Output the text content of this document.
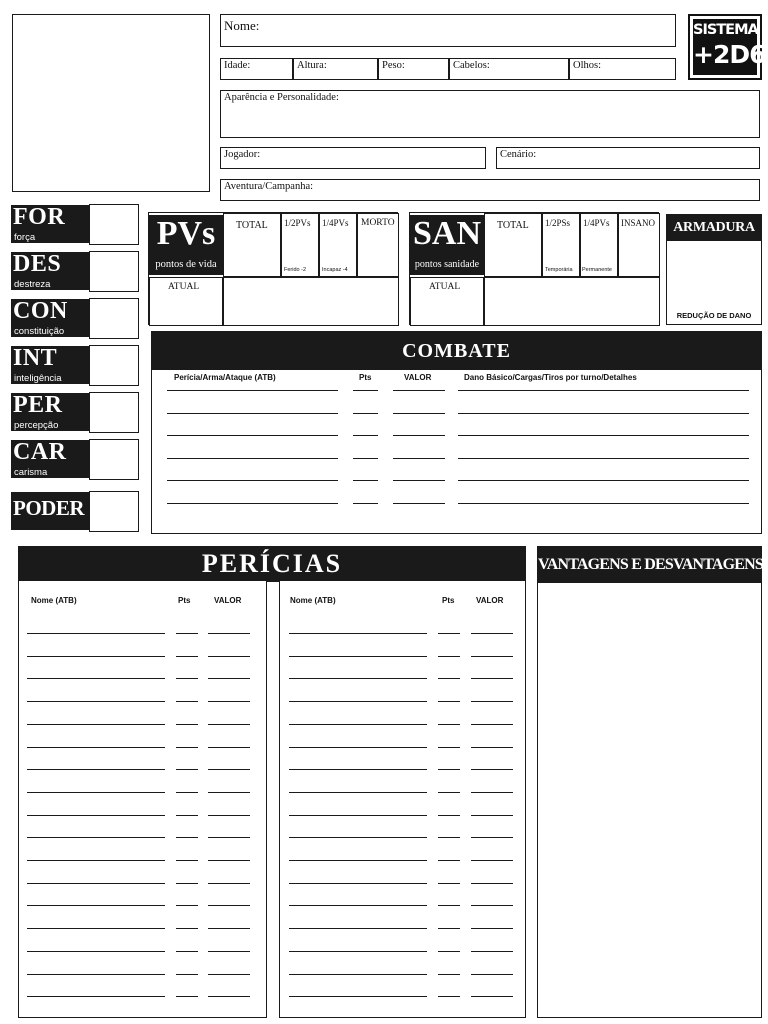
Nome:
Idade:	Altura:	Peso:	Cabelos:	Olhos:
SISTEMA
+2D6
Aparência e Personalidade:
Jogador:	Cenário:
Aventura/Campanha:
FOR
força
DES
destreza
CON
constituição
INT
inteligência
PER
percepção
CAR
carisma
PODER
PVs
pontos de vida
TOTAL 1/2PVs
Ferido -2
1/4PVs
Incapaz -4
MORTO
ATUAL
SAN
pontos sanidade
TOTAL 1/2PSs
Temporária
1/4PVs
Permanente
INSANO
ATUAL
ARMADURA
REDUÇÃO DE DANO
COMBATE
Perícia/Arma/Ataque (ATB)	Pts	VALOR	Dano Básico/Cargas/Tiros por turno/Detalhes
PERÍCIAS
Nome (ATB)	Pts	VALOR	Nome (ATB)	Pts	VALOR
VANTAGENS E DESVANTAGENS
